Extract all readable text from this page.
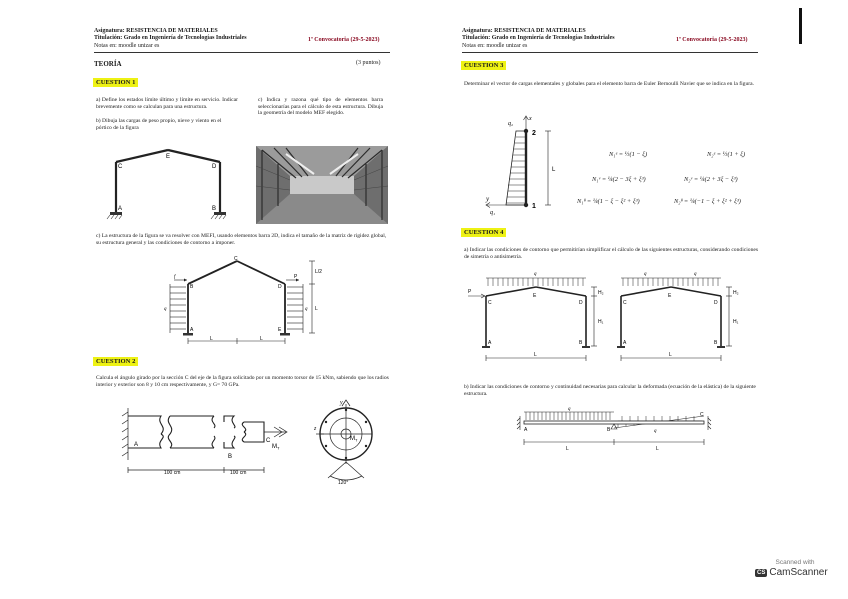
Asignatura: RESISTENCIA DE MATERIALES
Titulación: Grado en Ingeniería de Tecnologías Industriales
Notas en: moodle unizar es
1ª Convocatoria (29-5-2023)
TEORÍA	(3 puntos)
CUESTION 1
a) Define los estados límite último y límite en servicio. Indicar brevemente como se calculan para una estructura.
b) Dibuja las cargas de peso propio, nieve y viento en el pórtico de la figura
c) Indica y razona qué tipo de elementos barra seleccionarías para el cálculo de esta estructura. Dibuja la geometría del modelo MEF elegido.
C
E
D
A	B
c) La estructura de la figura se va resolver con MEFI, usando elementos barra 2D, indica el tamaño de la matriz de rigidez global, su estructura general y las condiciones de contorno a imponer.
f	P
C
B	D
A	E
q	q
L/2
L
L	L
CUESTION 2
Calcula el ángulo girado por la sección C del eje de la figura solicitado por un momento torsor de 15 kNm, sabiendo que los radios interior y exterior son 8 y 10 cm respectivamente, y G= 70 GPa.
A
B
C
$M_T$
100 cm	100 cm
y
z
$M_T$
120°
Asignatura: RESISTENCIA DE MATERIALES
Titulación: Grado en Ingeniería de Tecnologías Industriales
Notas en: moodle unizar es
1ª Convocatoria (29-5-2023)
CUESTION 3
Determinar el vector de cargas elementales y globales para el elemento barra de Euler Bernoulli Navier que se indica en la figura.
q₂
x
2
1
y
q₁
L
N₁ᵉ = ½(1 − ξ)	N₂ᵉ = ½(1 + ξ)
N₁ᵛ = ¼(2 − 3ξ + ξ³)	N₂ᵛ = ¼(2 + 3ξ − ξ³)
N₁ᶿ = ¼(1 − ξ − ξ² + ξ³)	N₂ᶿ = ¼(−1 − ξ + ξ² + ξ³)
CUESTION 4
a) Indicar las condiciones de contorno que permitirían simplificar el cálculo de las siguientes estructuras, considerando condiciones de simetría o antisimetría.
q
P
C
E
D
A	B
H₂
H₁
L
q	q
C
E
D
A	B
H₂
H₁
L
b) Indicar las condiciones de contorno y continuidad necesarias para calcular la deformada (ecuación de la elástica) de la siguiente estructura.
q
q
A	B
C
L	L
Scanned with
CS CamScanner
